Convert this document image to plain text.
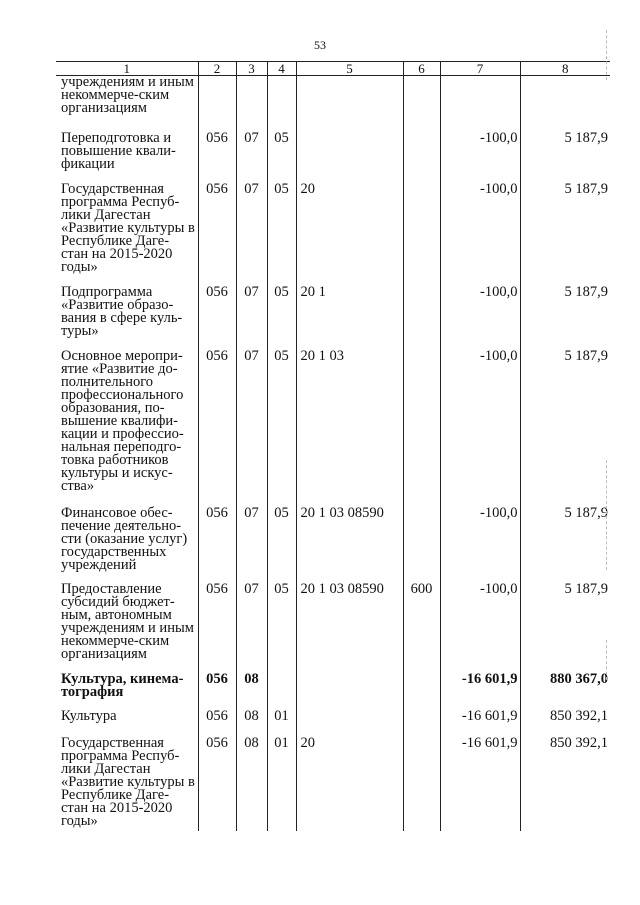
53
1	2	3	4	5	6	7	8
учреждениям и иным некоммерче-ским организациям							
Переподготовка и повышение квали-фикации	056	07	05			-100,0	5 187,9
Государственная программа Респуб-лики Дагестан «Развитие культуры в Республике Даге-стан на 2015-2020 годы»	056	07	05	20		-100,0	5 187,9
Подпрограмма «Развитие образо-вания в сфере куль-туры»	056	07	05	20 1		-100,0	5 187,9
Основное меропри-ятие «Развитие до-полнительного профессионального образования, по-вышение квалифи-кации и профессио-нальная переподго-товка работников культуры и искус-ства»	056	07	05	20 1 03		-100,0	5 187,9
Финансовое обес-печение деятельно-сти (оказание услуг) государственных учреждений	056	07	05	20 1 03 08590		-100,0	5 187,9
Предоставление субсидий бюджет-ным, автономным учреждениям и иным некоммерче-ским организациям	056	07	05	20 1 03 08590	600	-100,0	5 187,9
Культура, кинема-тография	056	08				-16 601,9	880 367,0
Культура	056	08	01			-16 601,9	850 392,1
Государственная программа Респуб-лики Дагестан «Развитие культуры в Республике Даге-стан на 2015-2020 годы»	056	08	01	20		-16 601,9	850 392,1
